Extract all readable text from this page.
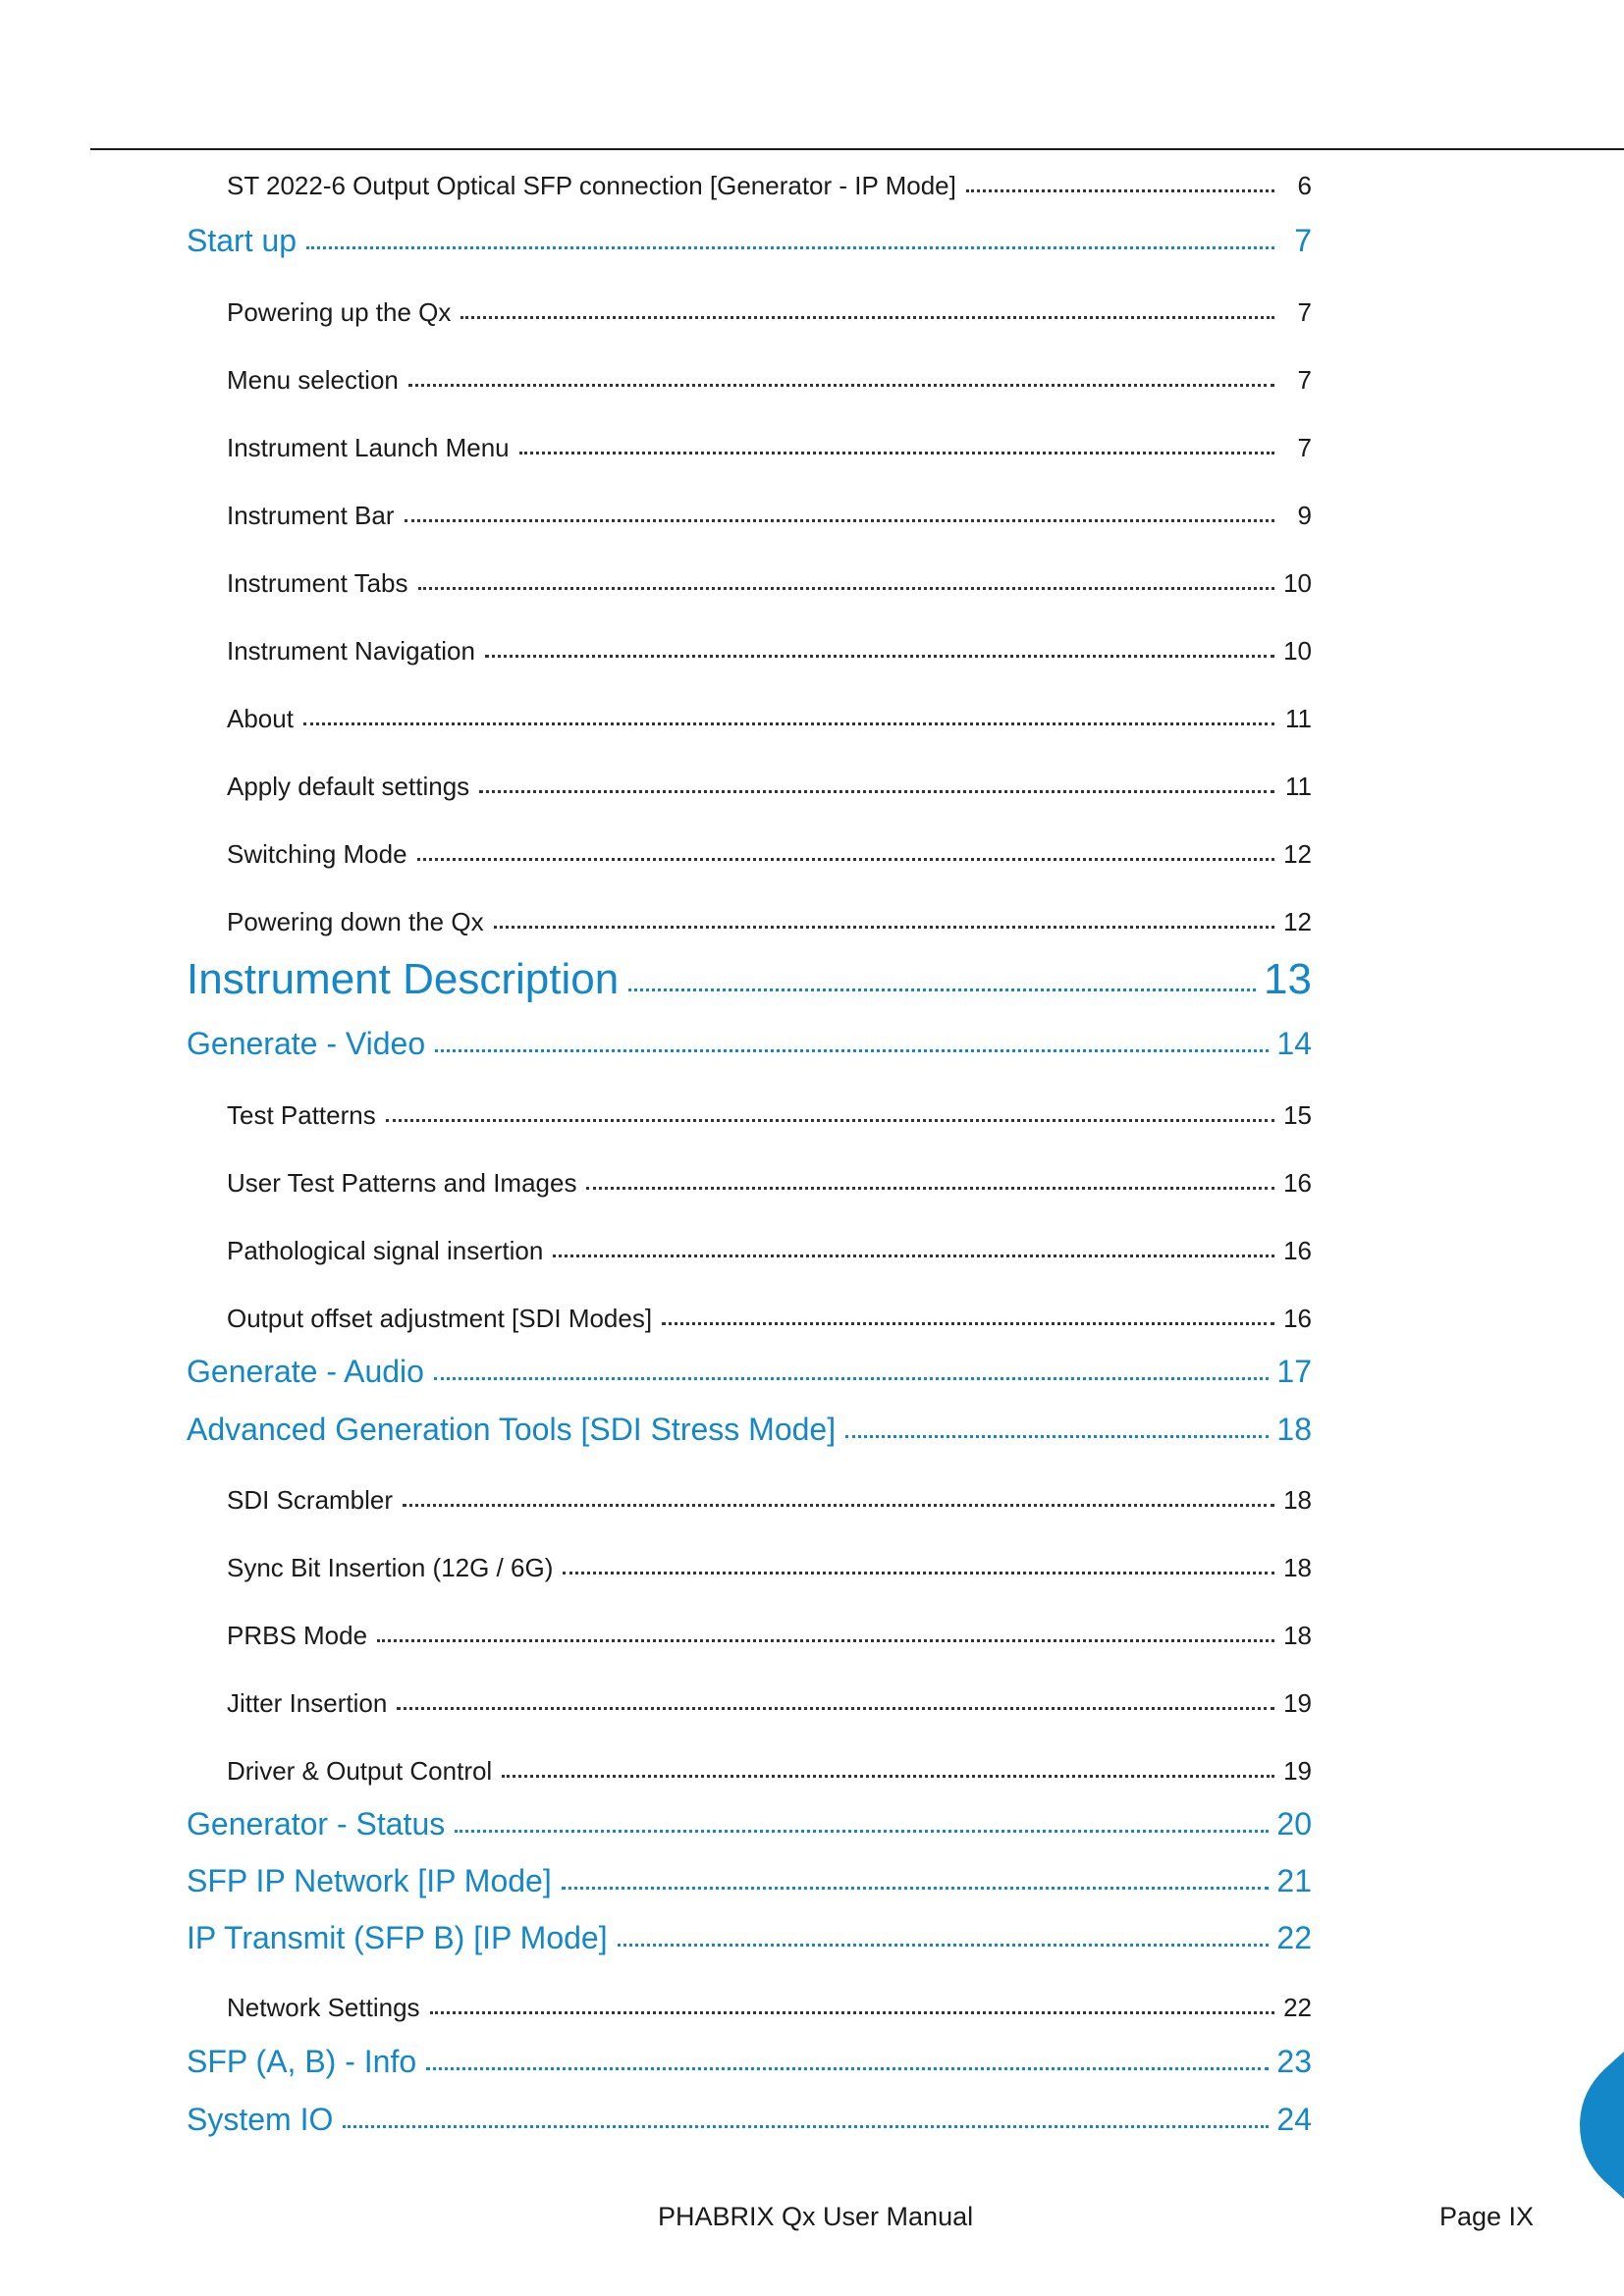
ST 2022-6 Output Optical SFP connection [Generator - IP Mode]	6
Start up	7
Powering up the Qx	7
Menu selection	7
Instrument Launch Menu	7
Instrument Bar	9
Instrument Tabs	10
Instrument Navigation	10
About	11
Apply default settings	11
Switching Mode	12
Powering down the Qx	12
Instrument Description	13
Generate - Video	14
Test Patterns	15
User Test Patterns and Images	16
Pathological signal insertion	16
Output offset adjustment [SDI Modes]	16
Generate - Audio	17
Advanced Generation Tools [SDI Stress Mode]	18
SDI Scrambler	18
Sync Bit Insertion (12G / 6G)	18
PRBS Mode	18
Jitter Insertion	19
Driver & Output Control	19
Generator - Status	20
SFP IP Network [IP Mode]	21
IP Transmit (SFP B) [IP Mode]	22
Network Settings	22
SFP (A, B) - Info	23
System IO	24
PHABRIX Qx User Manual	Page IX
